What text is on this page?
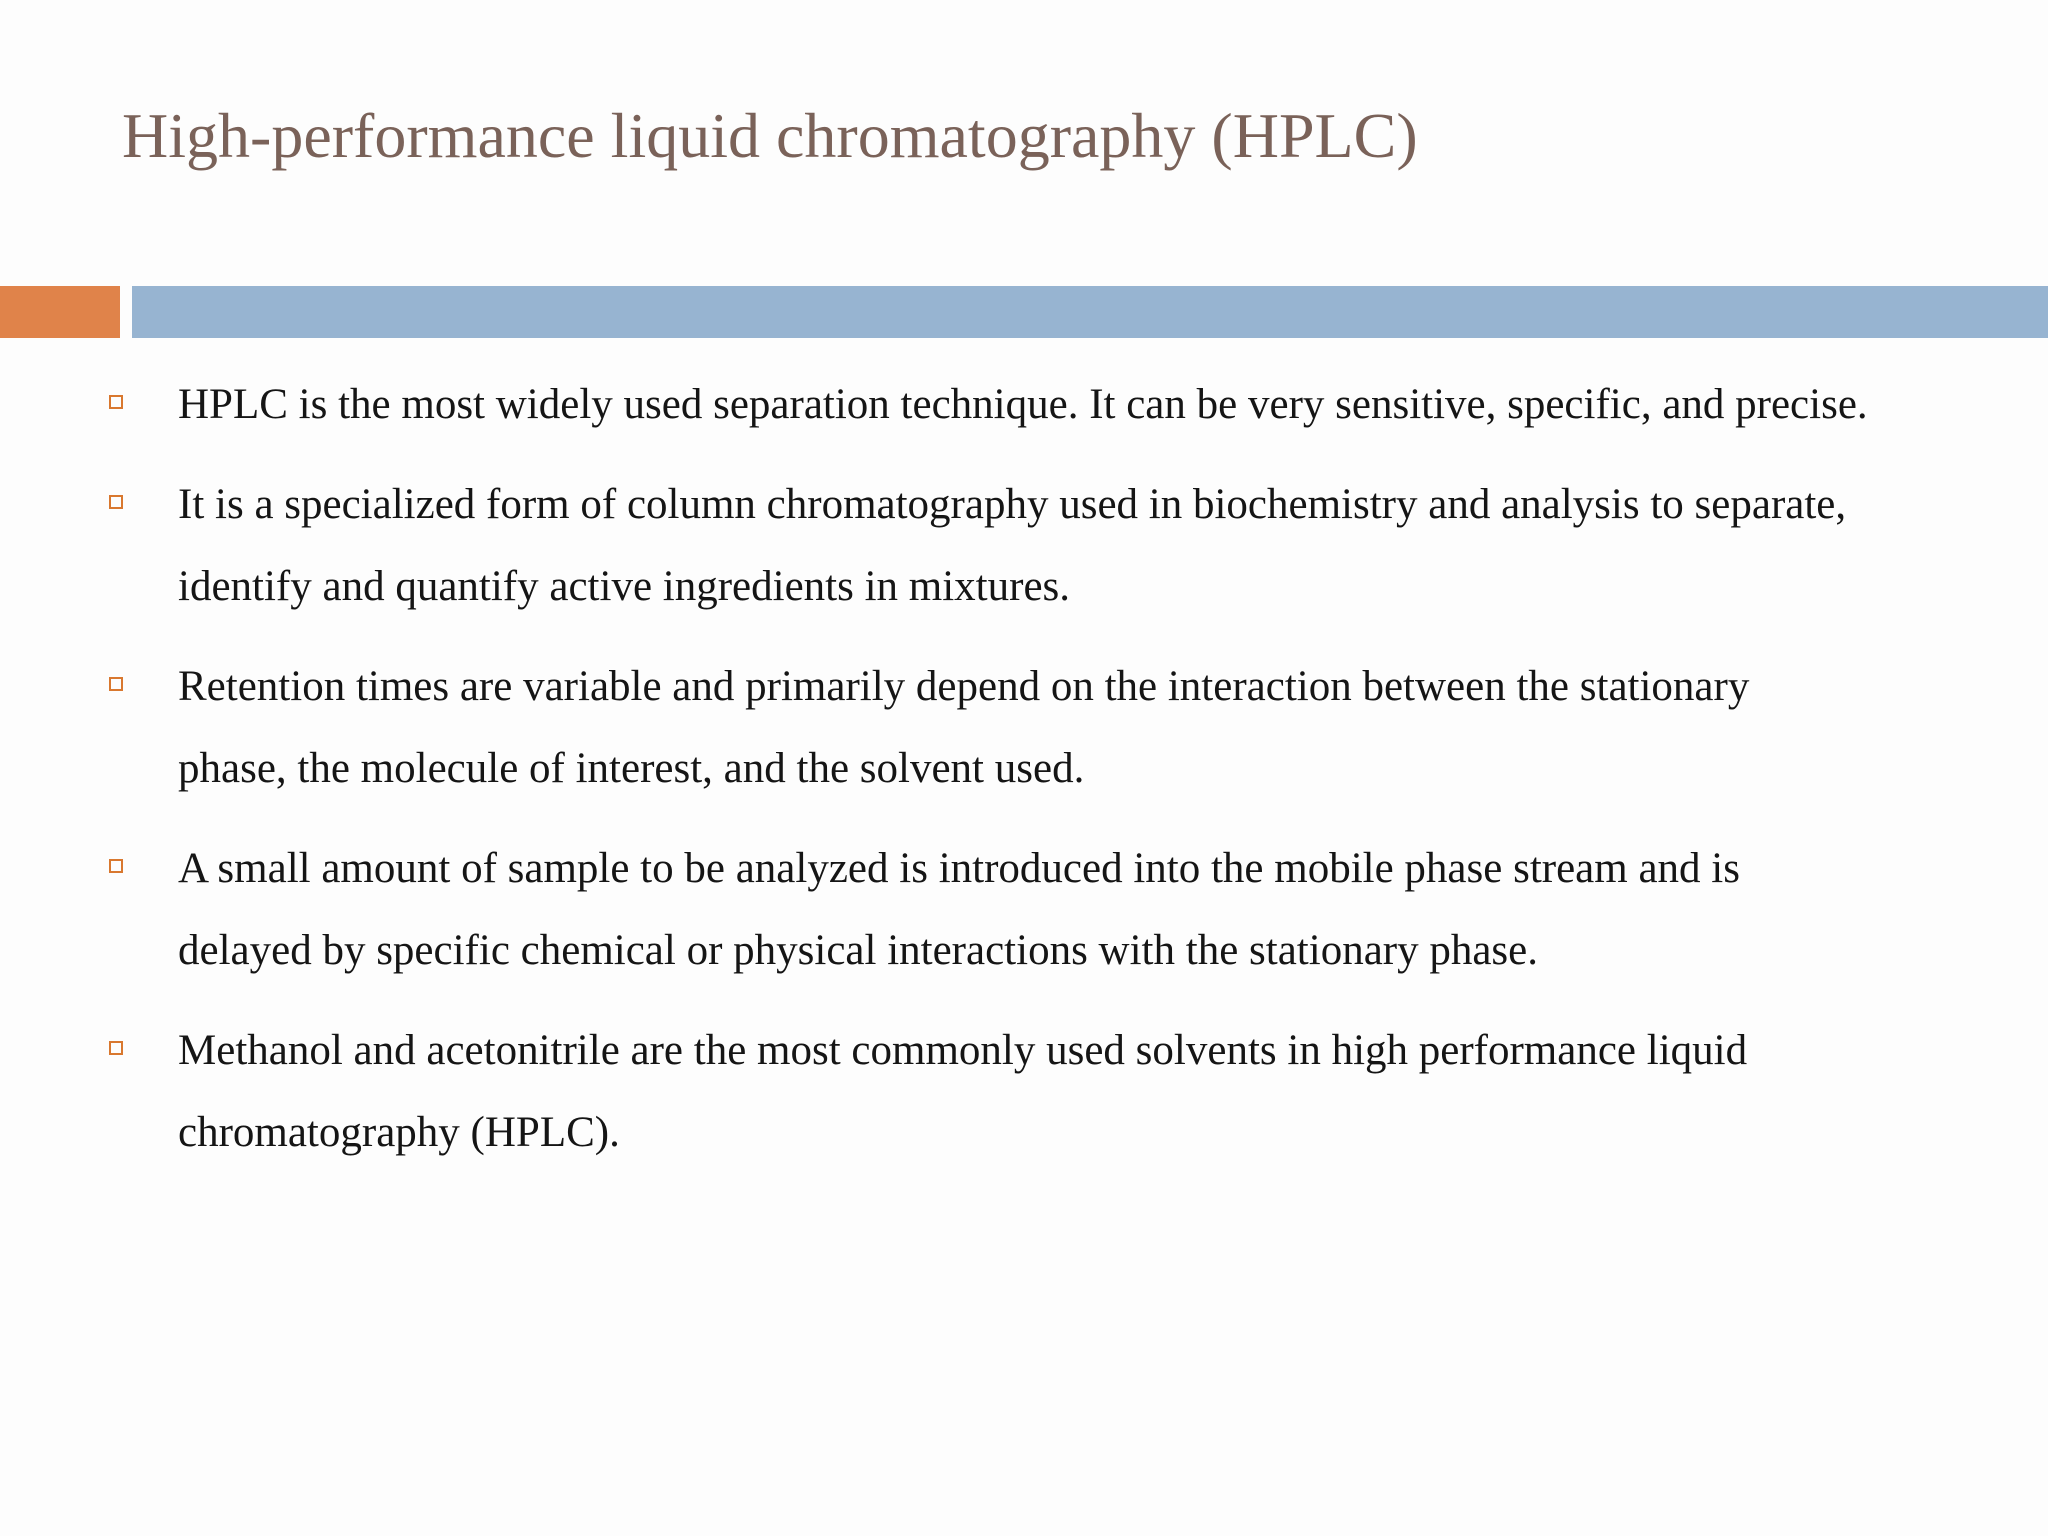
High-performance liquid chromatography (HPLC)
HPLC is the most widely used separation technique. It can be very sensitive, specific, and precise.
It is a specialized form of column chromatography used in biochemistry and analysis to separate, identify and quantify active ingredients in mixtures.
Retention times are variable and primarily depend on the interaction between the stationary phase, the molecule of interest, and the solvent used.
A small amount of sample to be analyzed is introduced into the mobile phase stream and is delayed by specific chemical or physical interactions with the stationary phase.
Methanol and acetonitrile are the most commonly used solvents in high performance liquid chromatography (HPLC).
